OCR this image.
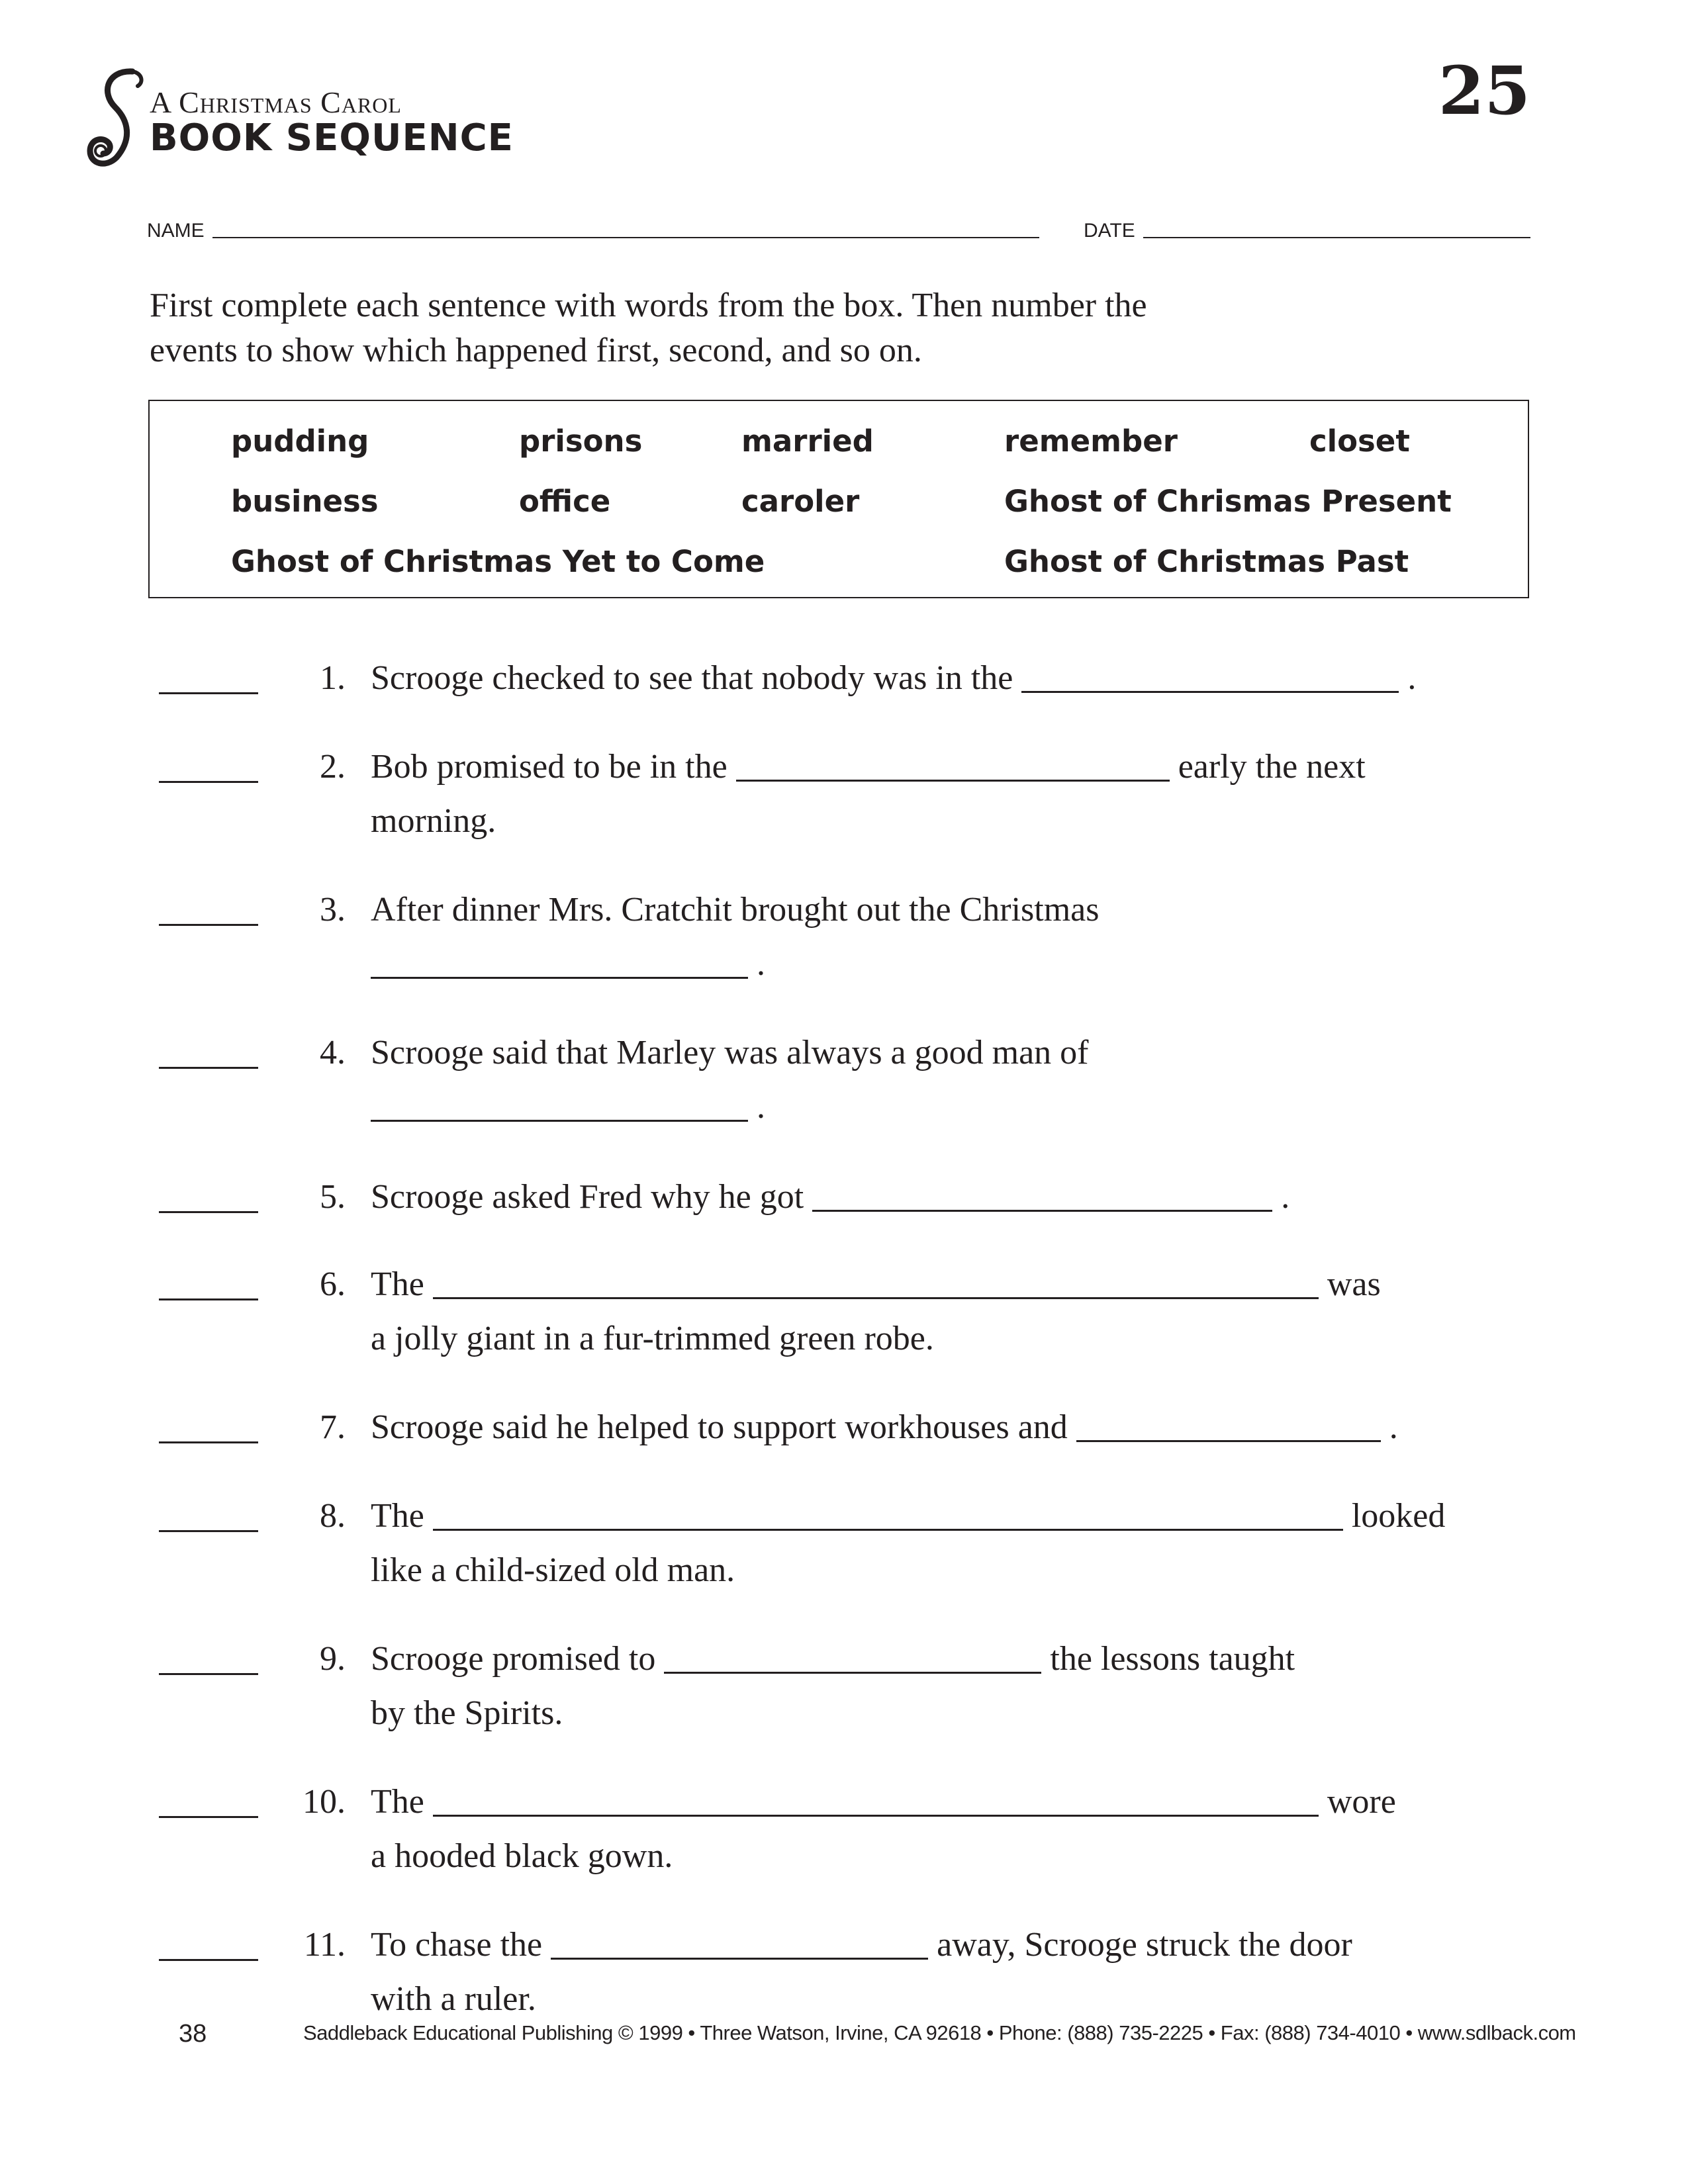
A Christmas Carol
BOOK SEQUENCE
25
NAME	DATE
First complete each sentence with words from the box. Then number the
events to show which happened first, second, and so on.
pudding	prisons	married	remember	closet
business	office	caroler	Ghost of Chrismas Present
Ghost of Christmas Yet to Come	Ghost of Christmas Past
1. Scrooge checked to see that nobody was in the	.
2. Bob promised to be in the	early the next
morning.
3. After dinner Mrs. Cratchit brought out the Christmas
.
4. Scrooge said that Marley was always a good man of
.
5. Scrooge asked Fred why he got	.
6. The	was
a jolly giant in a fur-trimmed green robe.
7. Scrooge said he helped to support workhouses and	.
8. The	looked
like a child-sized old man.
9. Scrooge promised to	the lessons taught
by the Spirits.
10. The	wore
a hooded black gown.
11. To chase the	away, Scrooge struck the door
with a ruler.
38	Saddleback Educational Publishing © 1999 • Three Watson, Irvine, CA 92618 • Phone: (888) 735-2225 • Fax: (888) 734-4010 • www.sdlback.com
